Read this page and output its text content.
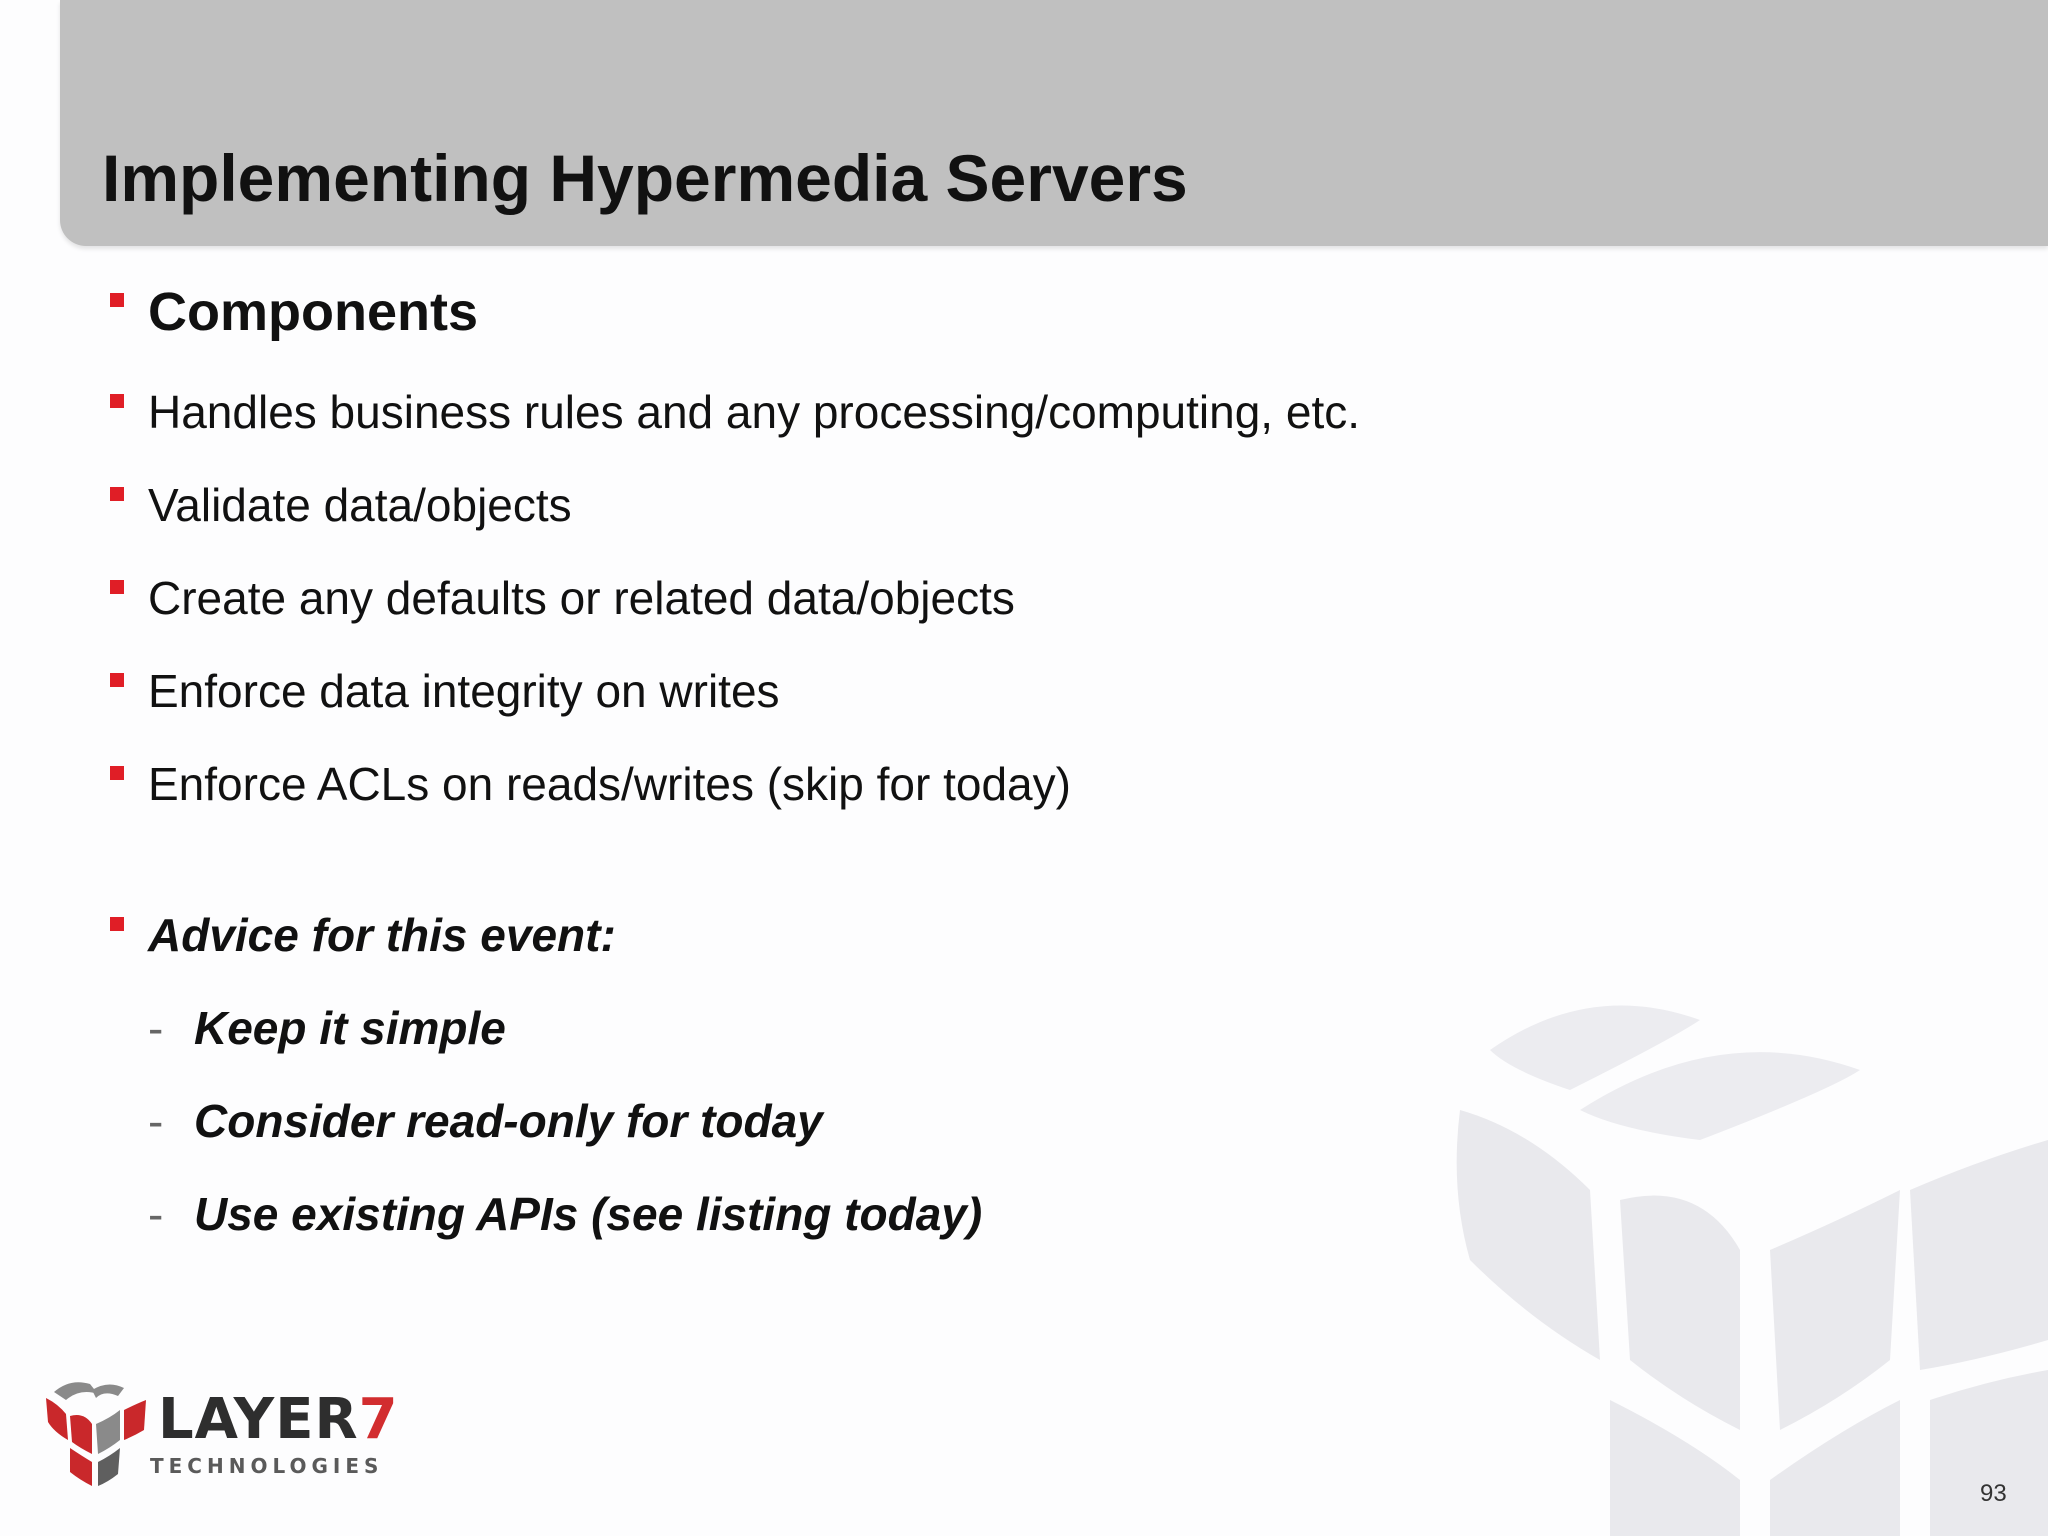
Implementing Hypermedia Servers
Components
Handles business rules and any processing/computing, etc.
Validate data/objects
Create any defaults or related data/objects
Enforce data integrity on writes
Enforce ACLs on reads/writes (skip for today)
Advice for this event:
- Keep it simple
- Consider read-only for today
- Use existing APIs (see listing today)
LAYER7
TECHNOLOGIES
93
